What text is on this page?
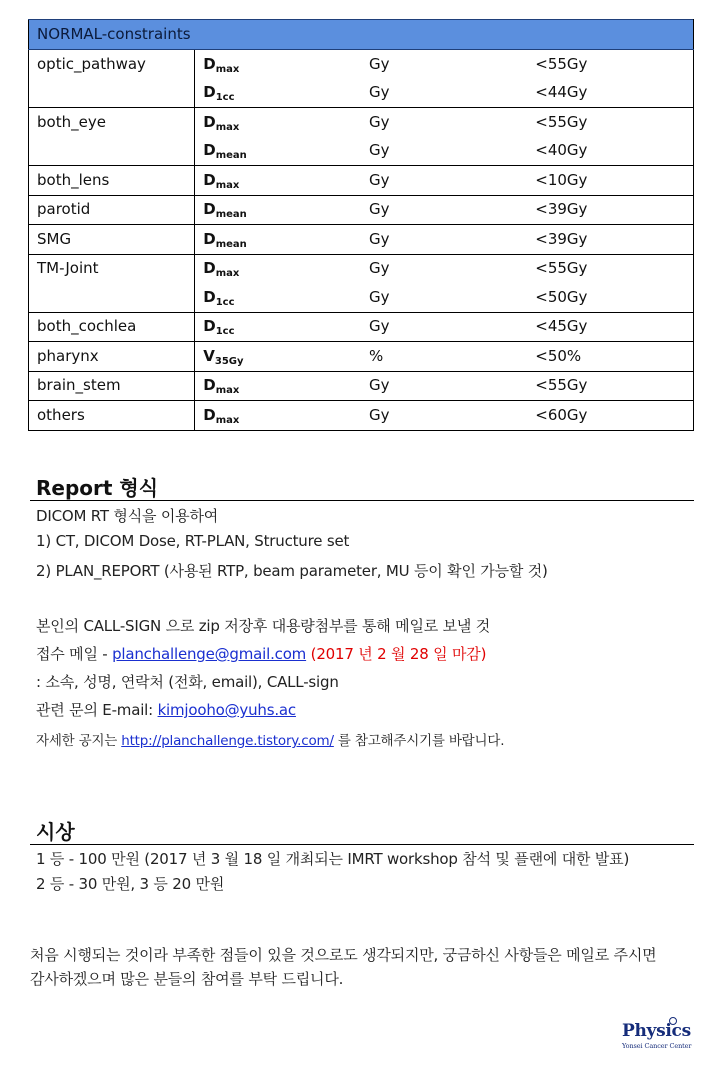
NORMAL-constraints			
optic_pathway	$D_{max}$	Gy	<55Gy
	$D_{1cc}$	Gy	<44Gy
both_eye	$D_{max}$	Gy	<55Gy
	$D_{mean}$	Gy	<40Gy
both_lens	$D_{max}$	Gy	<10Gy
parotid	$D_{mean}$	Gy	<39Gy
SMG	$D_{mean}$	Gy	<39Gy
TM-Joint	$D_{max}$	Gy	<55Gy
	$D_{1cc}$	Gy	<50Gy
both_cochlea	$D_{1cc}$	Gy	<45Gy
pharynx	$V_{35Gy}$	%	<50%
brain_stem	$D_{max}$	Gy	<55Gy
others	$D_{max}$	Gy	<60Gy
Report 형식
DICOM RT 형식을 이용하여
1) CT, DICOM Dose, RT-PLAN, Structure set
2) PLAN_REPORT (사용된 RTP, beam parameter, MU 등이 확인 가능할 것)
본인의 CALL-SIGN 으로 zip 저장후 대용량첨부를 통해 메일로 보낼 것
접수 메일 - planchallenge@gmail.com (2017 년 2 월 28 일 마감)
: 소속, 성명, 연락처 (전화, email), CALL-sign
관련 문의 E-mail: kimjooho@yuhs.ac
자세한 공지는 http://planchallenge.tistory.com/ 를 참고해주시기를 바랍니다.
시상
1 등 - 100 만원 (2017 년 3 월 18 일 개최되는 IMRT workshop 참석 및 플랜에 대한 발표)
2 등 - 30 만원, 3 등 20 만원
처음 시행되는 것이라 부족한 점들이 있을 것으로도 생각되지만, 궁금하신 사항들은 메일로 주시면
감사하겠으며 많은 분들의 참여를 부탁 드립니다.
Physics
Yonsei Cancer Center
